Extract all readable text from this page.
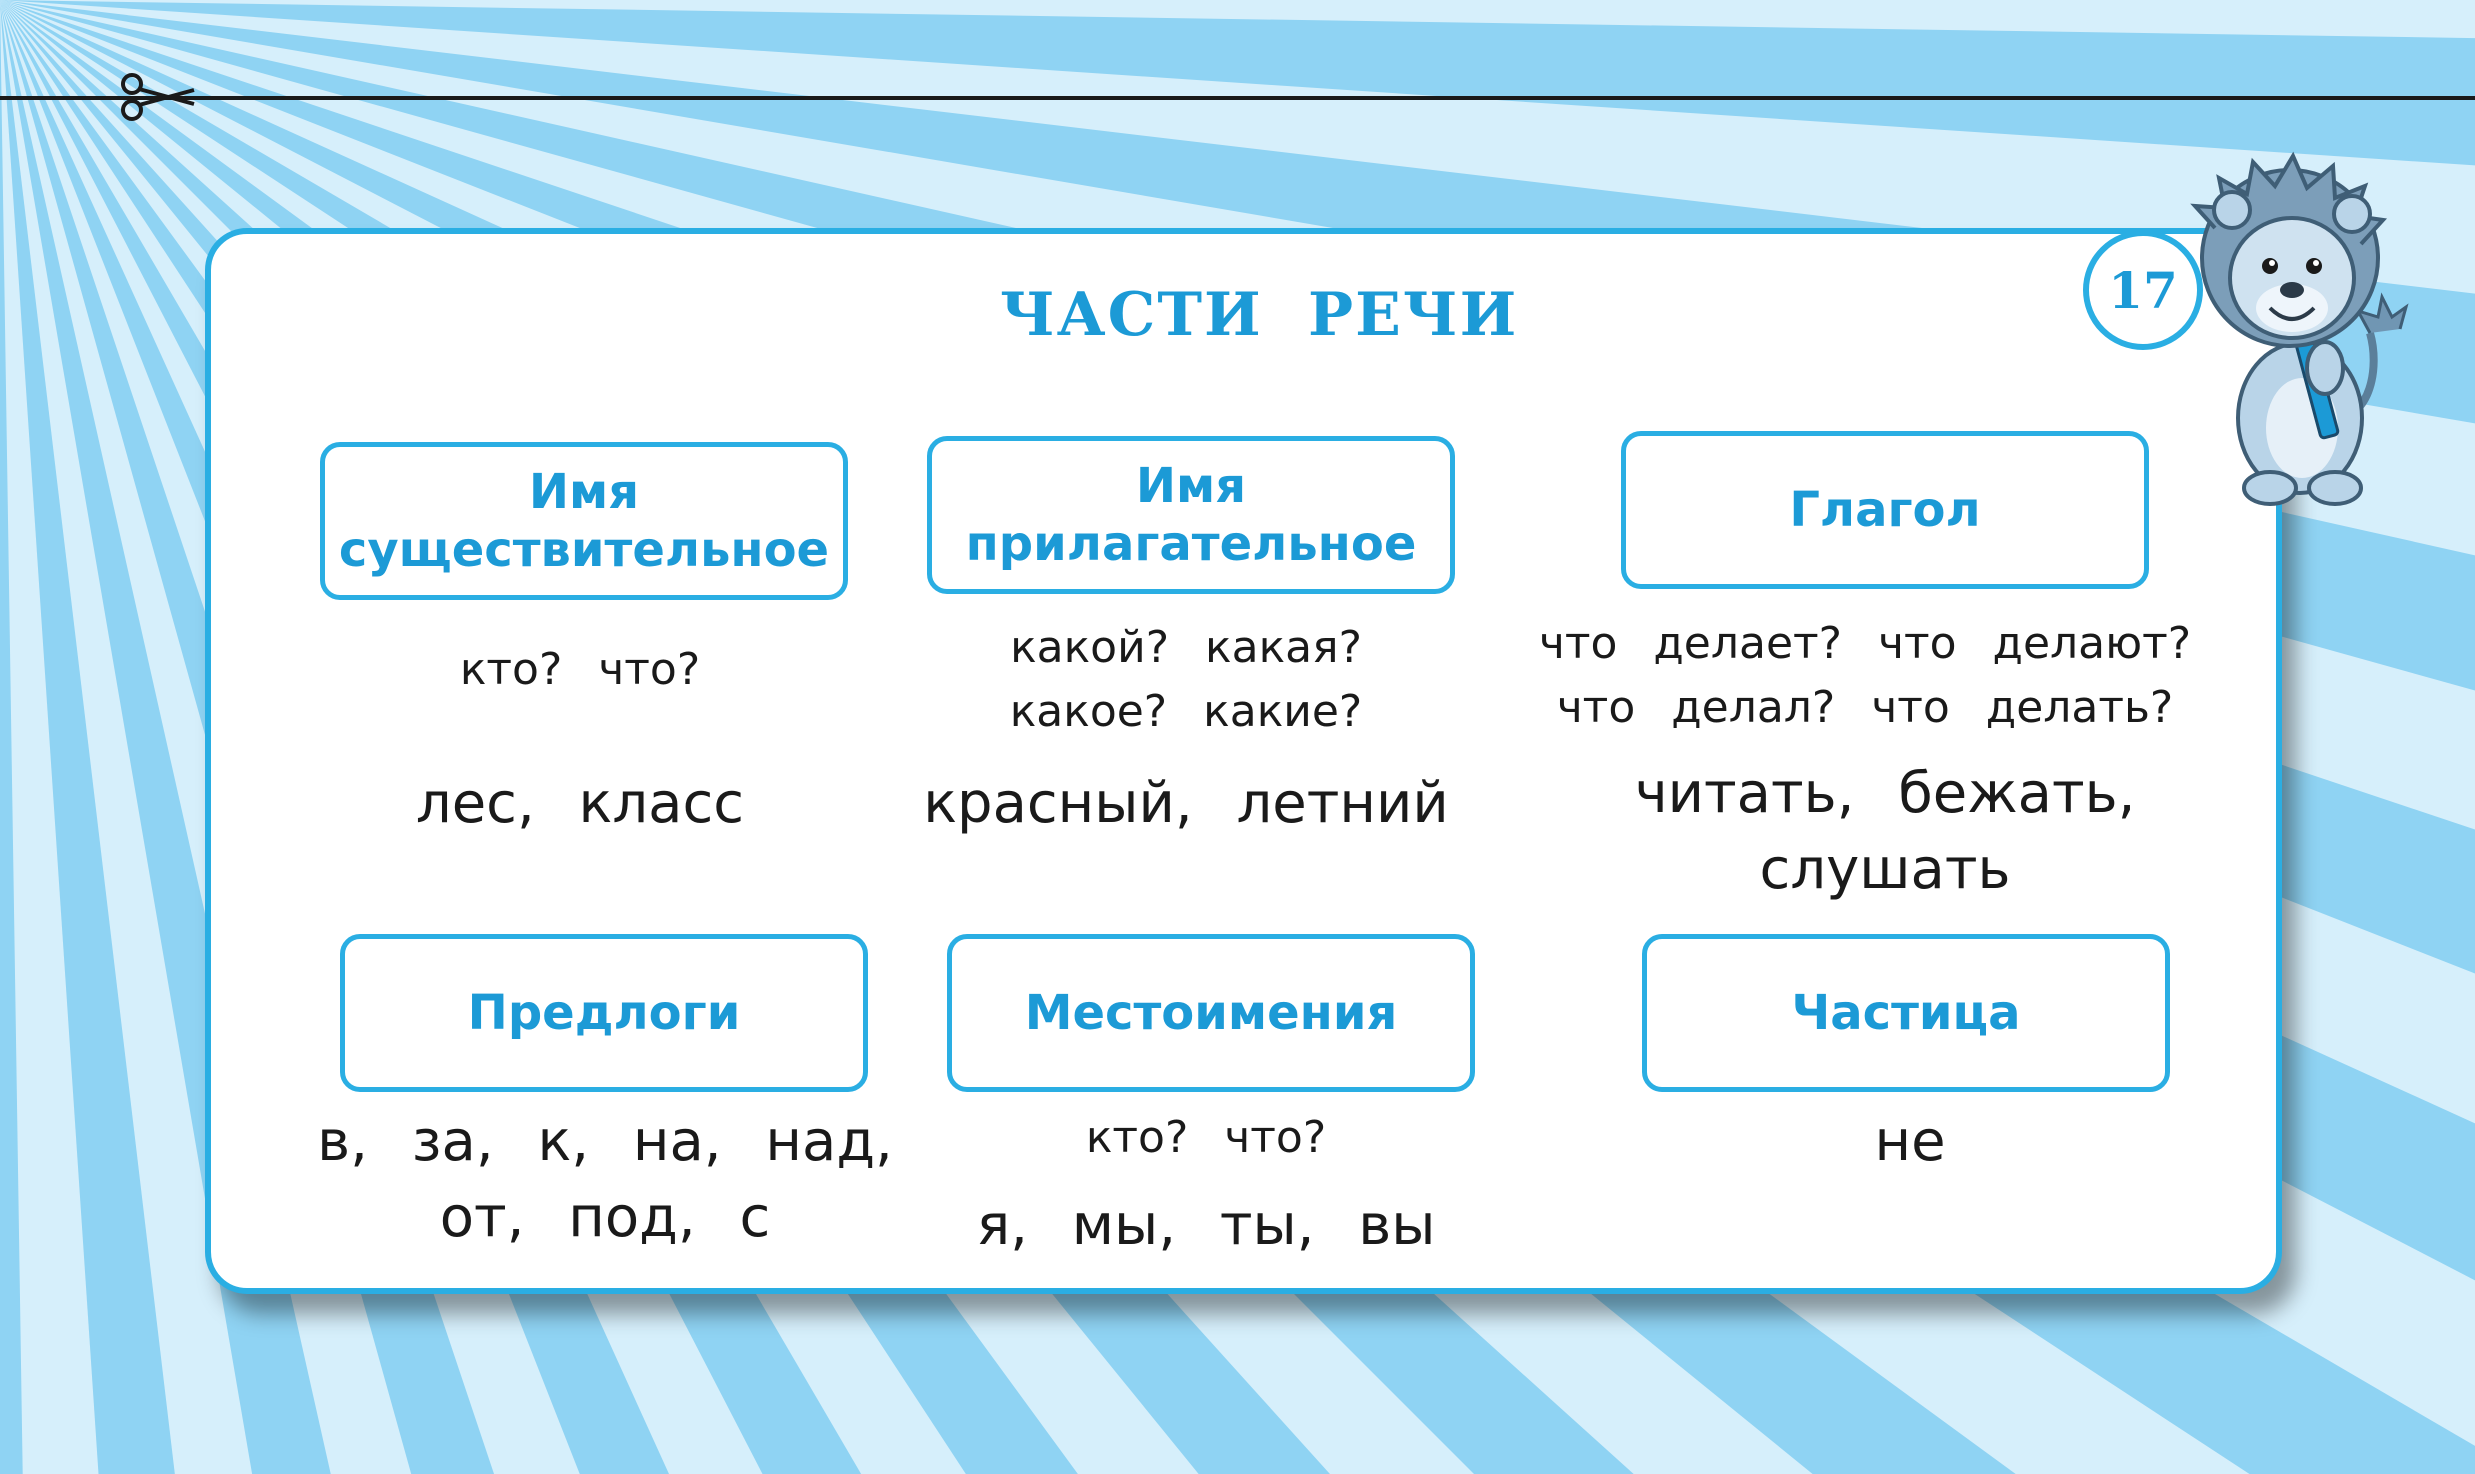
ЧАСТИ РЕЧИ
Имя
существительное
кто? что?
лес, класс
Имя
прилагательное
какой? какая?
какое? какие?
красный, летний
Глагол
что делает? что делают?
что делал? что делать?
читать, бежать,
слушать
Предлоги
в, за, к, на, над,
от, под, с
Местоимения
кто? что?
я, мы, ты, вы
Частица
не
17
